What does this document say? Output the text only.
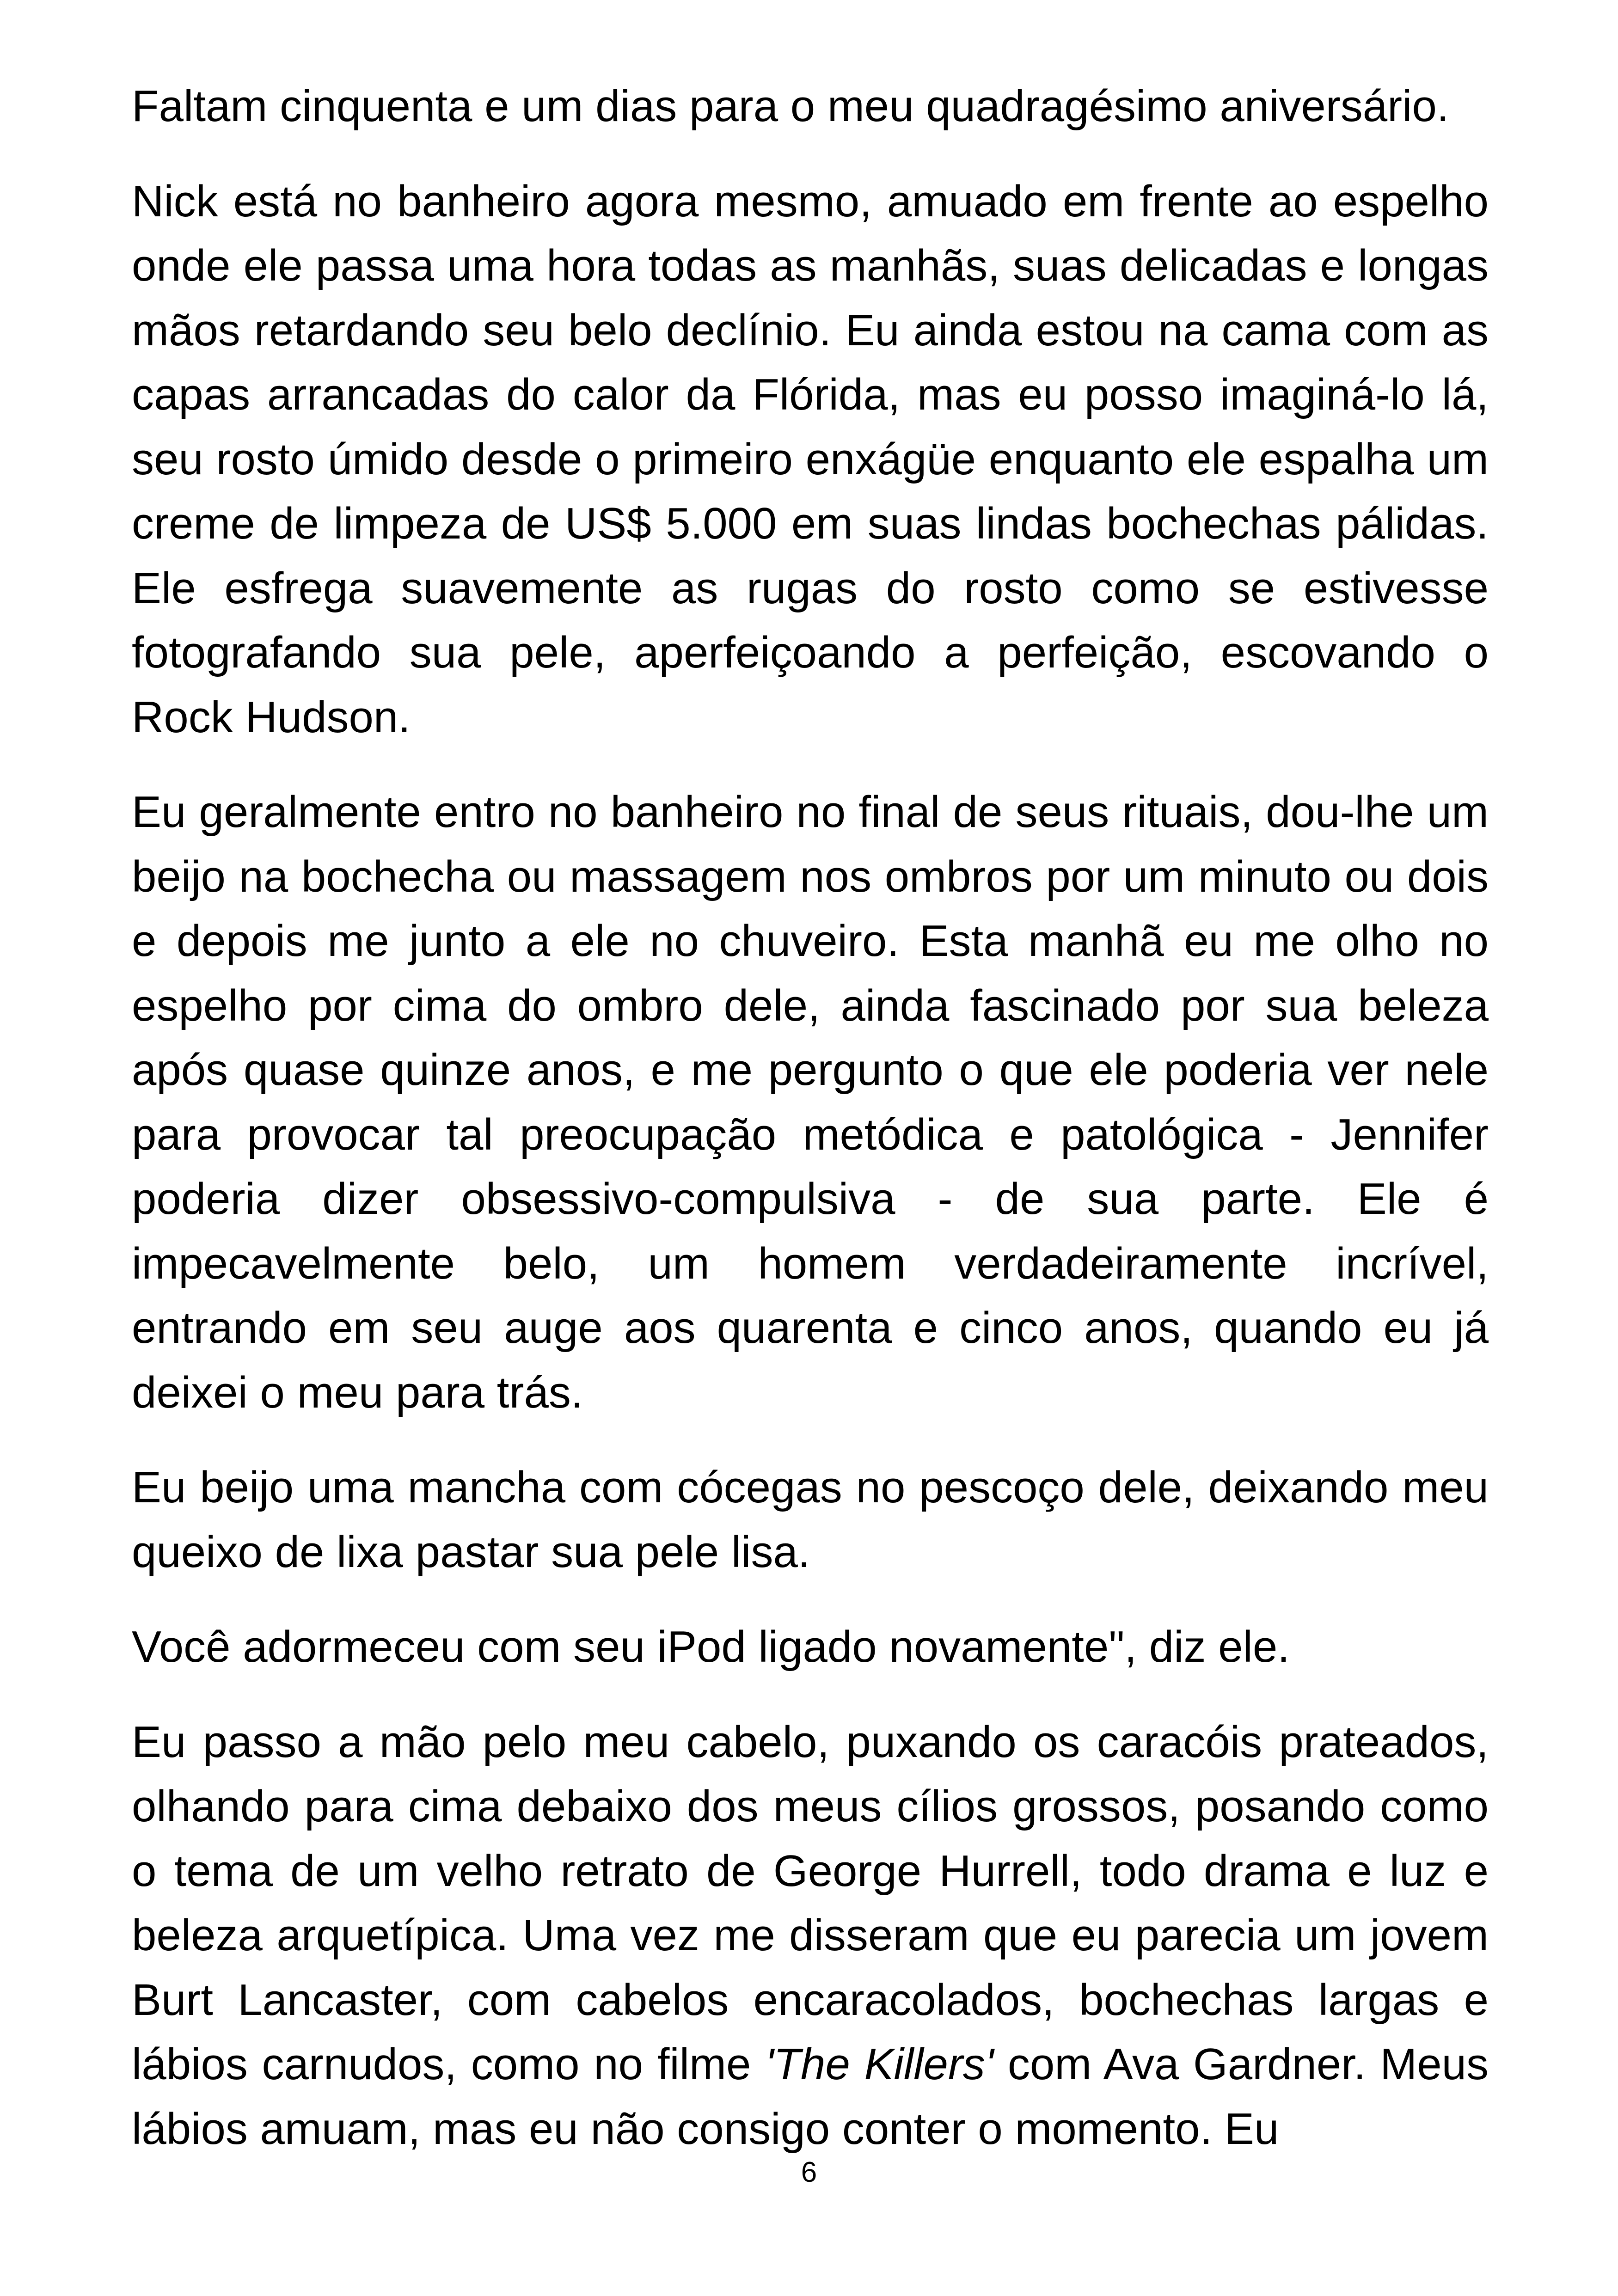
Faltam cinquenta e um dias para o meu quadragésimo aniversário.

Nick está no banheiro agora mesmo, amuado em frente ao espelho onde ele passa uma hora todas as manhãs, suas delicadas e longas mãos retardando seu belo declínio. Eu ainda estou na cama com as capas arrancadas do calor da Flórida, mas eu posso imaginá-lo lá, seu rosto úmido desde o primeiro enxágüe enquanto ele espalha um creme de limpeza de US$ 5.000 em suas lindas bochechas pálidas. Ele esfrega suavemente as rugas do rosto como se estivesse fotografando sua pele, aperfeiçoando a perfeição, escovando o Rock Hudson.

Eu geralmente entro no banheiro no final de seus rituais, dou-lhe um beijo na bochecha ou massagem nos ombros por um minuto ou dois e depois me junto a ele no chuveiro. Esta manhã eu me olho no espelho por cima do ombro dele, ainda fascinado por sua beleza após quase quinze anos, e me pergunto o que ele poderia ver nele para provocar tal preocupação metódica e patológica - Jennifer poderia dizer obsessivo-compulsiva - de sua parte. Ele é impecavelmente belo, um homem verdadeiramente incrível, entrando em seu auge aos quarenta e cinco anos, quando eu já deixei o meu para trás.

Eu beijo uma mancha com cócegas no pescoço dele, deixando meu queixo de lixa pastar sua pele lisa.

Você adormeceu com seu iPod ligado novamente", diz ele.

Eu passo a mão pelo meu cabelo, puxando os caracóis prateados, olhando para cima debaixo dos meus cílios grossos, posando como o tema de um velho retrato de George Hurrell, todo drama e luz e beleza arquetípica. Uma vez me disseram que eu parecia um jovem Burt Lancaster, com cabelos encaracolados, bochechas largas e lábios carnudos, como no filme 'The Killers' com Ava Gardner. Meus lábios amuam, mas eu não consigo conter o momento. Eu

6
